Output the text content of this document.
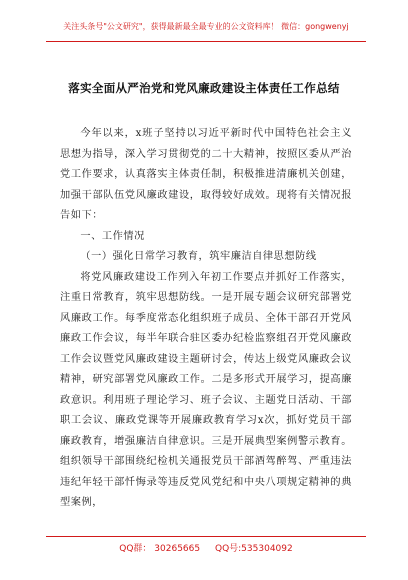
关注头条号"公文研究"，获得最新最全最专业的公文资料库！ 微信：gongwenyj
落实全面从严治党和党风廉政建设主体责任工作总结

今年以来，x班子坚持以习近平新时代中国特色社会主义思想为指导，深入学习贯彻党的二十大精神，按照区委从严治党工作要求，认真落实主体责任制，积极推进清廉机关创建，加强干部队伍党风廉政建设，取得较好成效。现将有关情况报告如下：

一、工作情况

（一）强化日常学习教育，筑牢廉洁自律思想防线

将党风廉政建设工作列入年初工作要点并抓好工作落实，注重日常教育，筑牢思想防线。一是开展专题会议研究部署党风廉政工作。每季度常态化组织班子成员、全体干部召开党风廉政工作会议，每半年联合驻区委办纪检监察组召开党风廉政工作会议暨党风廉政建设主题研讨会，传达上级党风廉政会议精神，研究部署党风廉政工作。二是多形式开展学习，提高廉政意识。利用班子理论学习、班子会议、主题党日活动、干部职工会议、廉政党课等开展廉政教育学习x次，抓好党员干部廉政教育，增强廉洁自律意识。三是开展典型案例警示教育。组织领导干部围绕纪检机关通报党员干部酒驾醉驾、严重违法违纪年轻干部忏悔录等违反党风党纪和中央八项规定精神的典型案例，

QQ群： 30265665 QQ号:535304092
